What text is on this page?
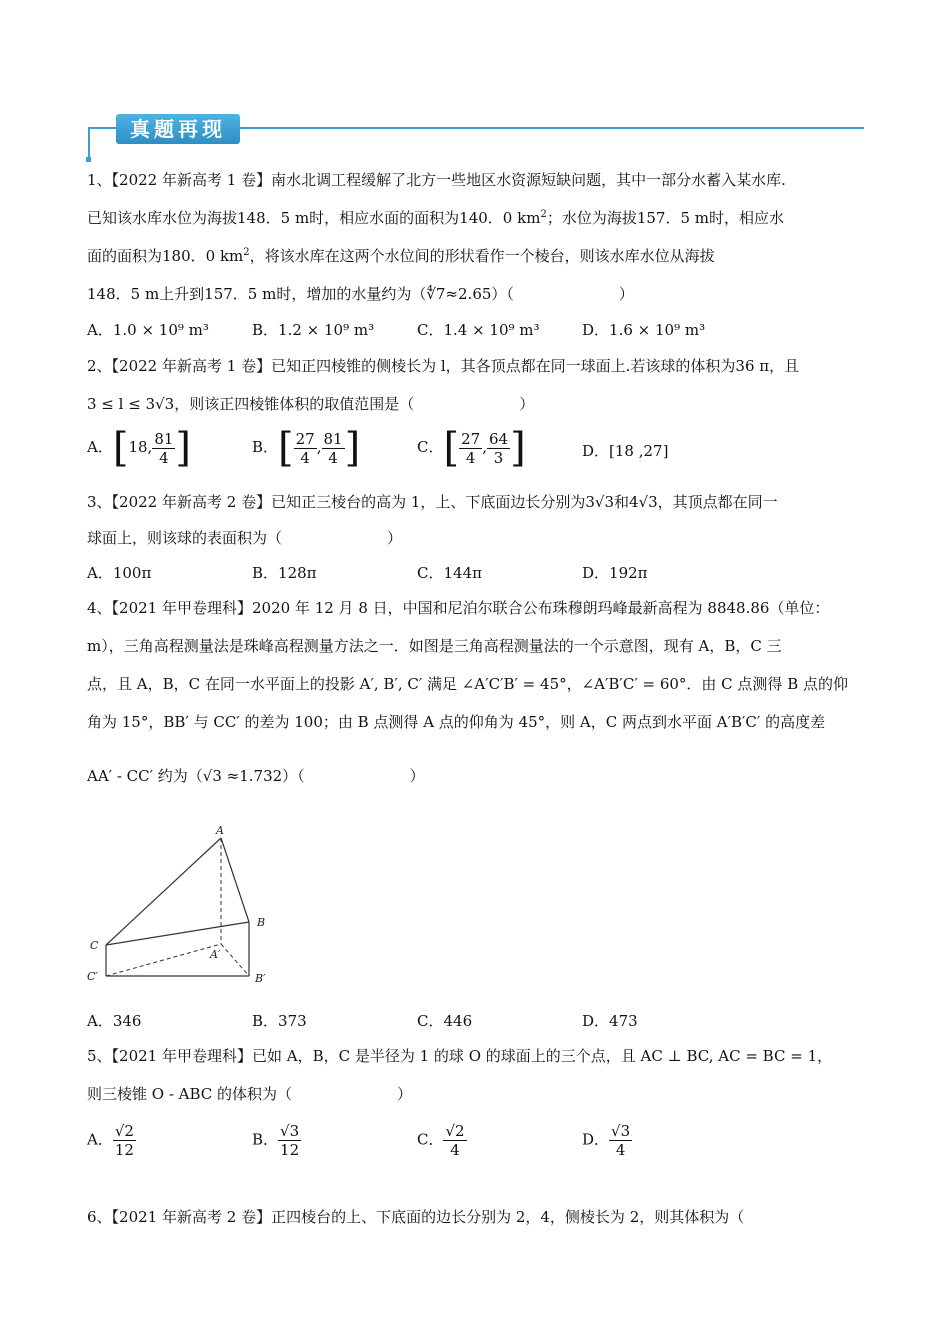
真题再现
1、【2022 年新高考 1 卷】南水北调工程缓解了北方一些地区水资源短缺问题，其中一部分水蓄入某水库.
已知该水库水位为海拔148．5 m时，相应水面的面积为140．0 $km^2$；水位为海拔157．5 m时，相应水
面的面积为180．0 $km^2$，将该水库在这两个水位间的形状看作一个棱台，则该水库水位从海拔
148．5 m上升到157．5 m时，增加的水量约为（∜7≈2.65）（　　　　　　　）
A．1.0 × 10⁹ m³	B．1.2 × 10⁹ m³	C．1.4 × 10⁹ m³	D．1.6 × 10⁹ m³
2、【2022 年新高考 1 卷】已知正四棱锥的侧棱长为 l，其各顶点都在同一球面上.若该球的体积为36 π，且
3 ≤ l ≤ 3√3，则该正四棱锥体积的取值范围是（　　　　　　　）
A．[18, $\frac{81}{4}$ ]	B．[ $\frac{27}{4}$ , $\frac{81}{4}$ ]	C．[ $\frac{27}{4}$ , $\frac{64}{3}$ ]	D．[18 ,27]
3、【2022 年新高考 2 卷】已知正三棱台的高为 1，上、下底面边长分别为3√3和4√3，其顶点都在同一
球面上，则该球的表面积为（　　　　　　　）
A．100π	B．128π	C．144π	D．192π
4、【2021 年甲卷理科】2020 年 12 月 8 日，中国和尼泊尔联合公布珠穆朗玛峰最新高程为 8848.86（单位：
m），三角高程测量法是珠峰高程测量方法之一．如图是三角高程测量法的一个示意图，现有 A，B，C 三
点，且 A，B，C 在同一水平面上的投影 A′, B′, C′ 满足 ∠A′C′B′ = 45°，∠A′B′C′ = 60°．由 C 点测得 B 点的仰
角为 15°，BB′ 与 CC′ 的差为 100；由 B 点测得 A 点的仰角为 45°，则 A，C 两点到水平面 A′B′C′ 的高度差
AA′ - CC′ 约为（√3 ≈1.732）（　　　　　　　）
A
B
C
A′
B′
C′
A．346	B．373	C．446	D．473
5、【2021 年甲卷理科】已如 A，B，C 是半径为 1 的球 O 的球面上的三个点，且 AC ⊥ BC, AC = BC = 1，
则三棱锥 O - ABC 的体积为（　　　　　　　）
A． $\frac{√2}{12}$	B． $\frac{√3}{12}$	C． $\frac{√2}{4}$	D． $\frac{√3}{4}$
6、【2021 年新高考 2 卷】正四棱台的上、下底面的边长分别为 2，4，侧棱长为 2，则其体积为（
